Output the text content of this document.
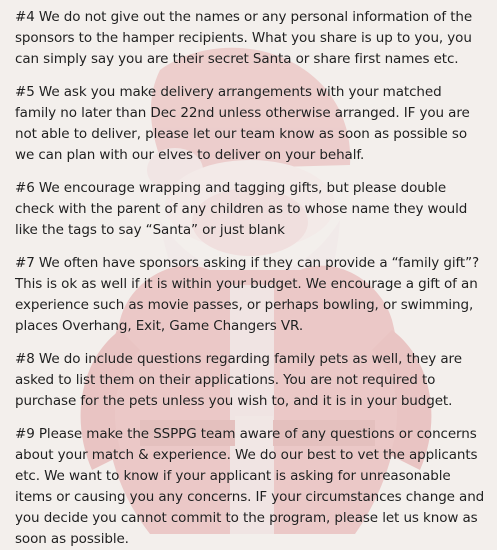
#4 We do not give out the names or any personal information of the sponsors to the hamper recipients. What you share is up to you, you can simply say you are their secret Santa or share first names etc.

#5 We ask you make delivery arrangements with your matched family no later than Dec 22nd unless otherwise arranged. IF you are not able to deliver, please let our team know as soon as possible so we can plan with our elves to deliver on your behalf.

#6 We encourage wrapping and tagging gifts, but please double check with the parent of any children as to whose name they would like the tags to say “Santa” or just blank

#7 We often have sponsors asking if they can provide a “family gift”? This is ok as well if it is within your budget. We encourage a gift of an experience such as movie passes, or perhaps bowling, or swimming, places Overhang, Exit, Game Changers VR.

#8 We do include questions regarding family pets as well, they are asked to list them on their applications. You are not required to purchase for the pets unless you wish to, and it is in your budget.

#9 Please make the SSPPG team aware of any questions or concerns about your match & experience. We do our best to vet the applicants etc. We want to know if your applicant is asking for unreasonable items or causing you any concerns. IF your circumstances change and you decide you cannot commit to the program, please let us know as soon as possible.
